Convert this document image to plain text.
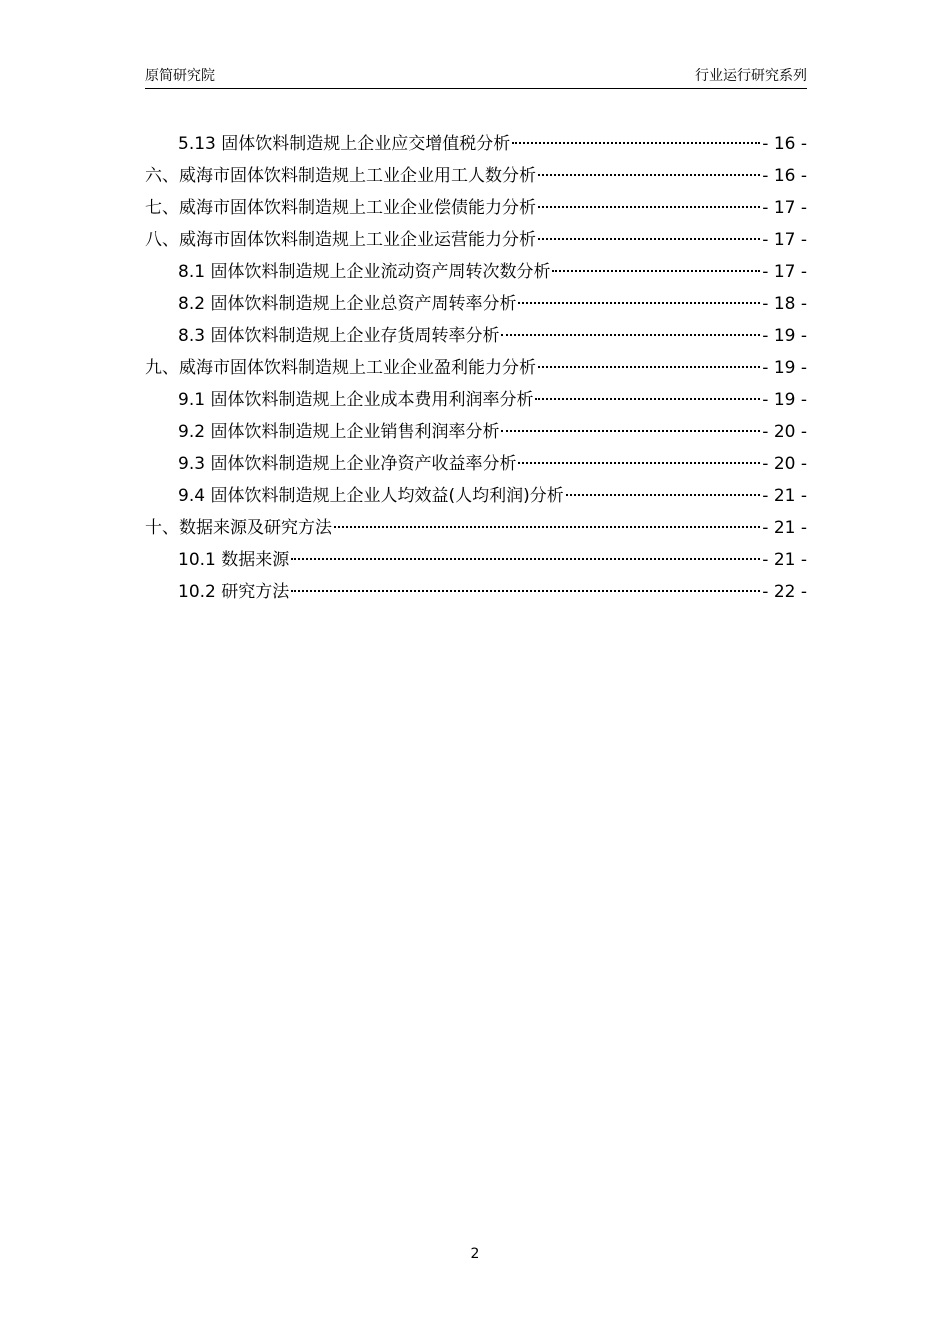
原简研究院	行业运行研究系列
5.13 固体饮料制造规上企业应交增值税分析	- 16 -
六、威海市固体饮料制造规上工业企业用工人数分析	- 16 -
七、威海市固体饮料制造规上工业企业偿债能力分析	- 17 -
八、威海市固体饮料制造规上工业企业运营能力分析	- 17 -
8.1 固体饮料制造规上企业流动资产周转次数分析	- 17 -
8.2 固体饮料制造规上企业总资产周转率分析	- 18 -
8.3 固体饮料制造规上企业存货周转率分析	- 19 -
九、威海市固体饮料制造规上工业企业盈利能力分析	- 19 -
9.1 固体饮料制造规上企业成本费用利润率分析	- 19 -
9.2 固体饮料制造规上企业销售利润率分析	- 20 -
9.3 固体饮料制造规上企业净资产收益率分析	- 20 -
9.4 固体饮料制造规上企业人均效益(人均利润)分析	- 21 -
十、数据来源及研究方法	- 21 -
10.1 数据来源	- 21 -
10.2 研究方法	- 22 -
2
